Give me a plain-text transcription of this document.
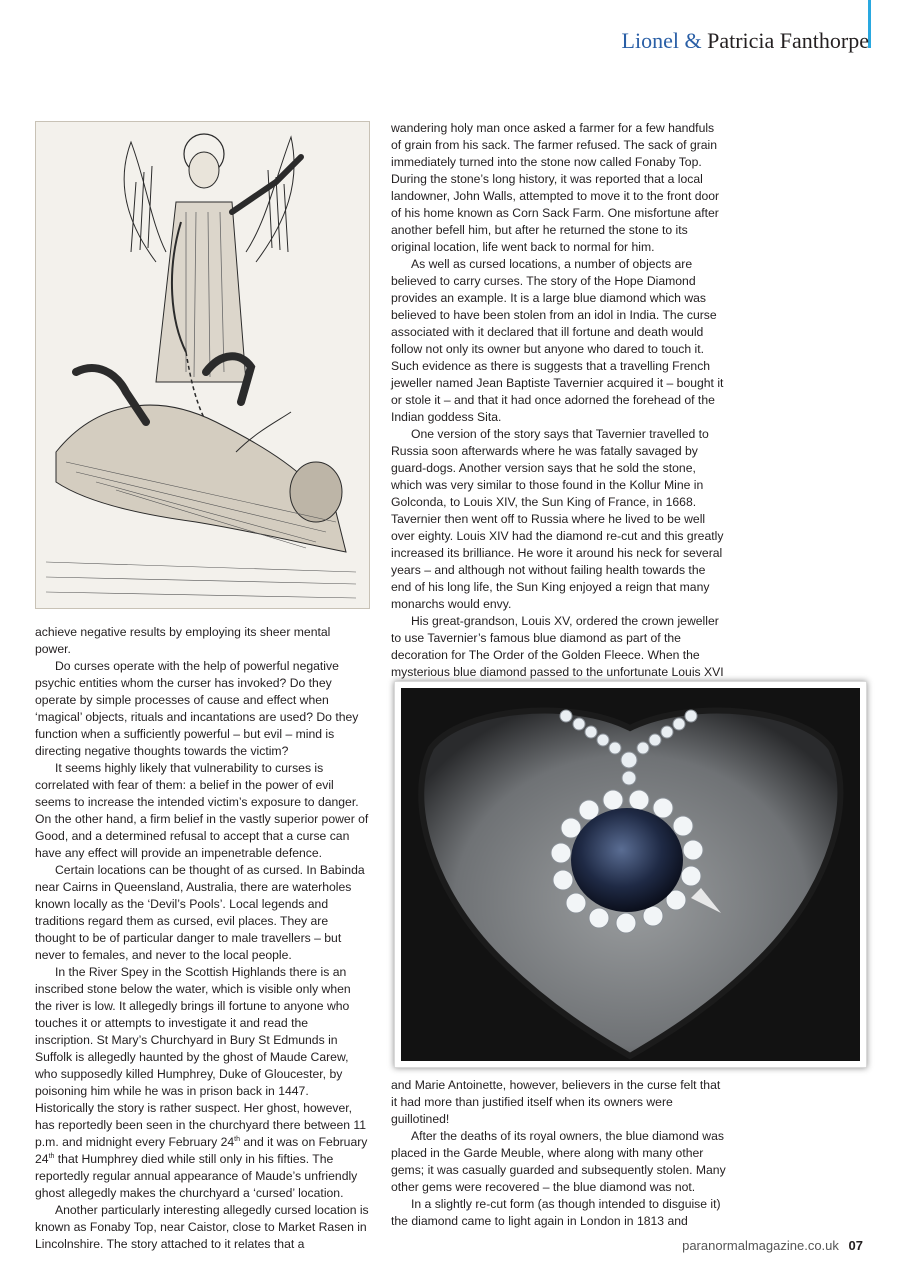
Lionel & Patricia Fanthorpe

achieve negative results by employing its sheer mental power.

Do curses operate with the help of powerful negative psychic entities whom the curser has invoked? Do they operate by simple processes of cause and effect when ‘magical’ objects, rituals and incantations are used? Do they function when a sufficiently powerful – but evil – mind is directing negative thoughts towards the victim?

It seems highly likely that vulnerability to curses is correlated with fear of them: a belief in the power of evil seems to increase the intended victim’s exposure to danger. On the other hand, a firm belief in the vastly superior power of Good, and a determined refusal to accept that a curse can have any effect will provide an impenetrable defence.

Certain locations can be thought of as cursed. In Babinda near Cairns in Queensland, Australia, there are waterholes known locally as the ‘Devil’s Pools’. Local legends and traditions regard them as cursed, evil places. They are thought to be of particular danger to male travellers – but never to females, and never to the local people.

In the River Spey in the Scottish Highlands there is an inscribed stone below the water, which is visible only when the river is low. It allegedly brings ill fortune to anyone who touches it or attempts to investigate it and read the inscription. St Mary’s Churchyard in Bury St Edmunds in Suffolk is allegedly haunted by the ghost of Maude Carew, who supposedly killed Humphrey, Duke of Gloucester, by poisoning him while he was in prison back in 1447. Historically the story is rather suspect. Her ghost, however, has reportedly been seen in the churchyard there between 11 p.m. and midnight every February 24th and it was on February 24th that Humphrey died while still only in his fifties. The reportedly regular annual appearance of Maude’s unfriendly ghost allegedly makes the churchyard a ‘cursed’ location.

Another particularly interesting allegedly cursed location is known as Fonaby Top, near Caistor, close to Market Rasen in Lincolnshire. The story attached to it relates that a

wandering holy man once asked a farmer for a few handfuls of grain from his sack. The farmer refused. The sack of grain immediately turned into the stone now called Fonaby Top. During the stone’s long history, it was reported that a local landowner, John Walls, attempted to move it to the front door of his home known as Corn Sack Farm. One misfortune after another befell him, but after he returned the stone to its original location, life went back to normal for him.

As well as cursed locations, a number of objects are believed to carry curses. The story of the Hope Diamond provides an example. It is a large blue diamond which was believed to have been stolen from an idol in India. The curse associated with it declared that ill fortune and death would follow not only its owner but anyone who dared to touch it. Such evidence as there is suggests that a travelling French jeweller named Jean Baptiste Tavernier acquired it – bought it or stole it – and that it had once adorned the forehead of the Indian goddess Sita.

One version of the story says that Tavernier travelled to Russia soon afterwards where he was fatally savaged by guard-dogs. Another version says that he sold the stone, which was very similar to those found in the Kollur Mine in Golconda, to Louis XIV, the Sun King of France, in 1668. Tavernier then went off to Russia where he lived to be well over eighty. Louis XIV had the diamond re-cut and this greatly increased its brilliance. He wore it around his neck for several years – and although not without failing health towards the end of his long life, the Sun King enjoyed a reign that many monarchs would envy.

His great-grandson, Louis XV, ordered the crown jeweller to use Tavernier’s famous blue diamond as part of the decoration for The Order of the Golden Fleece. When the mysterious blue diamond passed to the unfortunate Louis XVI

and Marie Antoinette, however, believers in the curse felt that it had more than justified itself when its owners were guillotined!

After the deaths of its royal owners, the blue diamond was placed in the Garde Meuble, where along with many other gems; it was casually guarded and subsequently stolen. Many other gems were recovered – the blue diamond was not.

In a slightly re-cut form (as though intended to disguise it) the diamond came to light again in London in 1813 and

paranormalmagazine.co.uk 07
